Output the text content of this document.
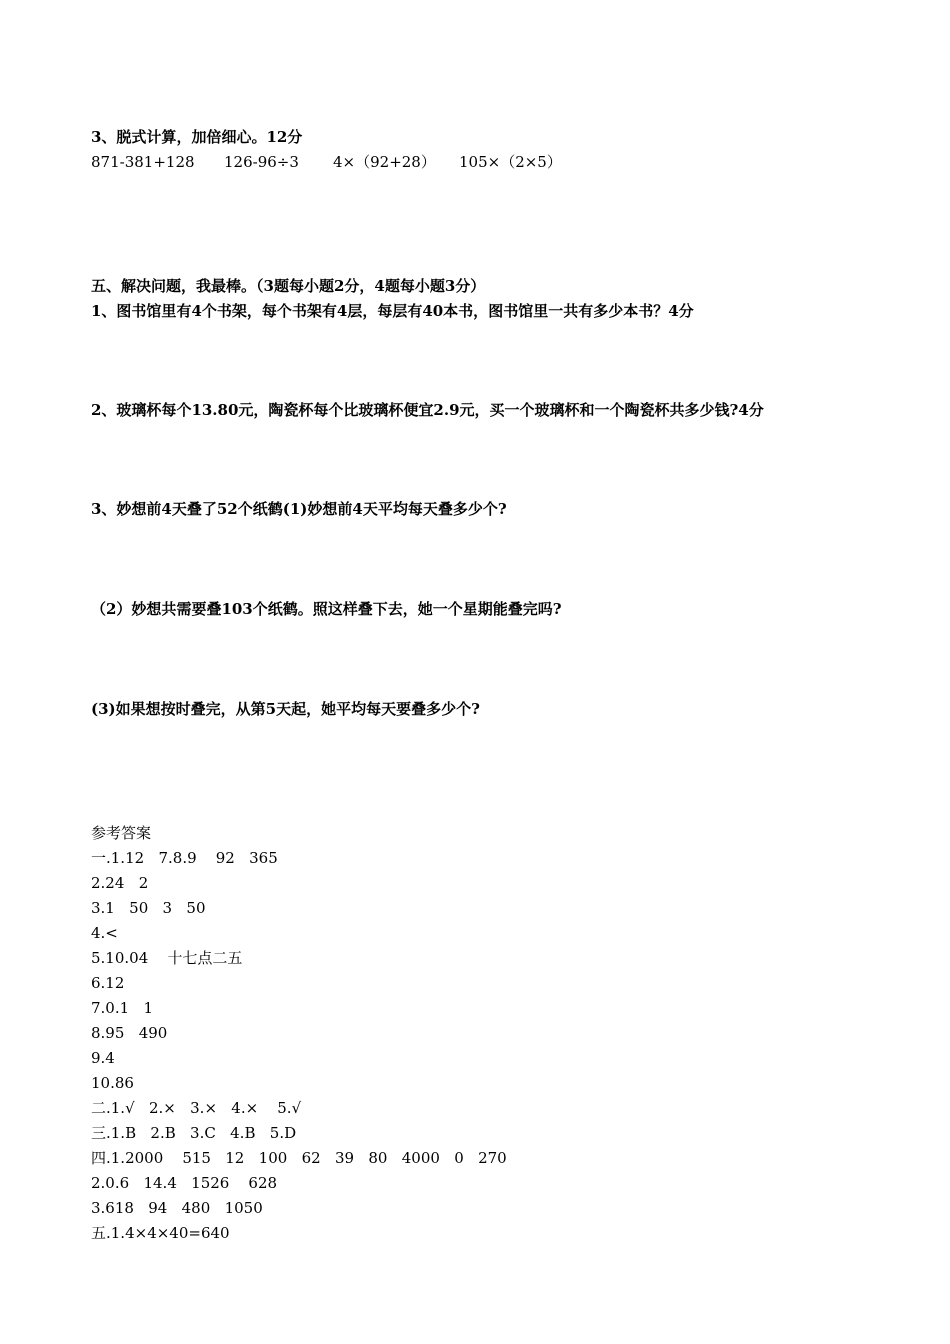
3、脱式计算，加倍细心。12分
871-381+128 126-96÷3 4×（92+28） 105×（2×5）
五、解决问题，我最棒。（3题每小题2分，4题每小题3分）
1、图书馆里有4个书架，每个书架有4层，每层有40本书，图书馆里一共有多少本书？4分
2、玻璃杯每个13.80元，陶瓷杯每个比玻璃杯便宜2.9元，买一个玻璃杯和一个陶瓷杯共多少钱?4分
3、妙想前4天叠了52个纸鹤(1)妙想前4天平均每天叠多少个?
（2）妙想共需要叠103个纸鹤。照这样叠下去，她一个星期能叠完吗?
(3)如果想按时叠完，从第5天起，她平均每天要叠多少个?
参考答案
一.1.12   7.8.9    92   365
2.24   2
3.1   50   3   50
4.<
5.10.04    十七点二五
6.12
7.0.1   1
8.95   490
9.4
10.86
二.1.√   2.×   3.×   4.×    5.√
三.1.B   2.B   3.C   4.B   5.D
四.1.2000    515   12   100   62   39   80   4000   0   270
2.0.6   14.4   1526    628
3.618   94   480   1050
五.1.4×4×40=640
